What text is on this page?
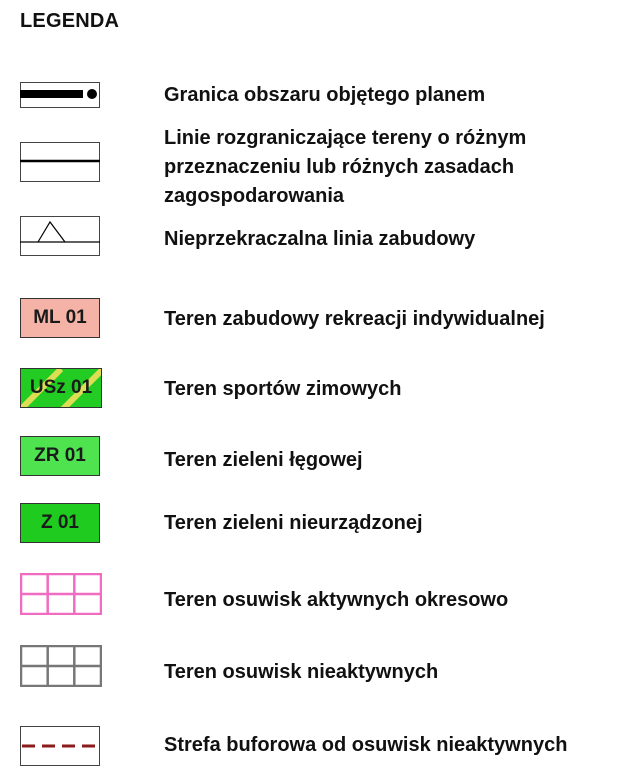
LEGENDA
Granica obszaru objętego planem
Linie rozgraniczające tereny o różnym
przeznaczeniu lub różnych zasadach
zagospodarowania
Nieprzekraczalna linia zabudowy
ML 01	Teren zabudowy rekreacji indywidualnej
USz 01	Teren sportów zimowych
ZR 01	Teren zieleni łęgowej
Z 01	Teren zieleni nieurządzonej
Teren osuwisk aktywnych okresowo
Teren osuwisk nieaktywnych
Strefa buforowa od osuwisk nieaktywnych
